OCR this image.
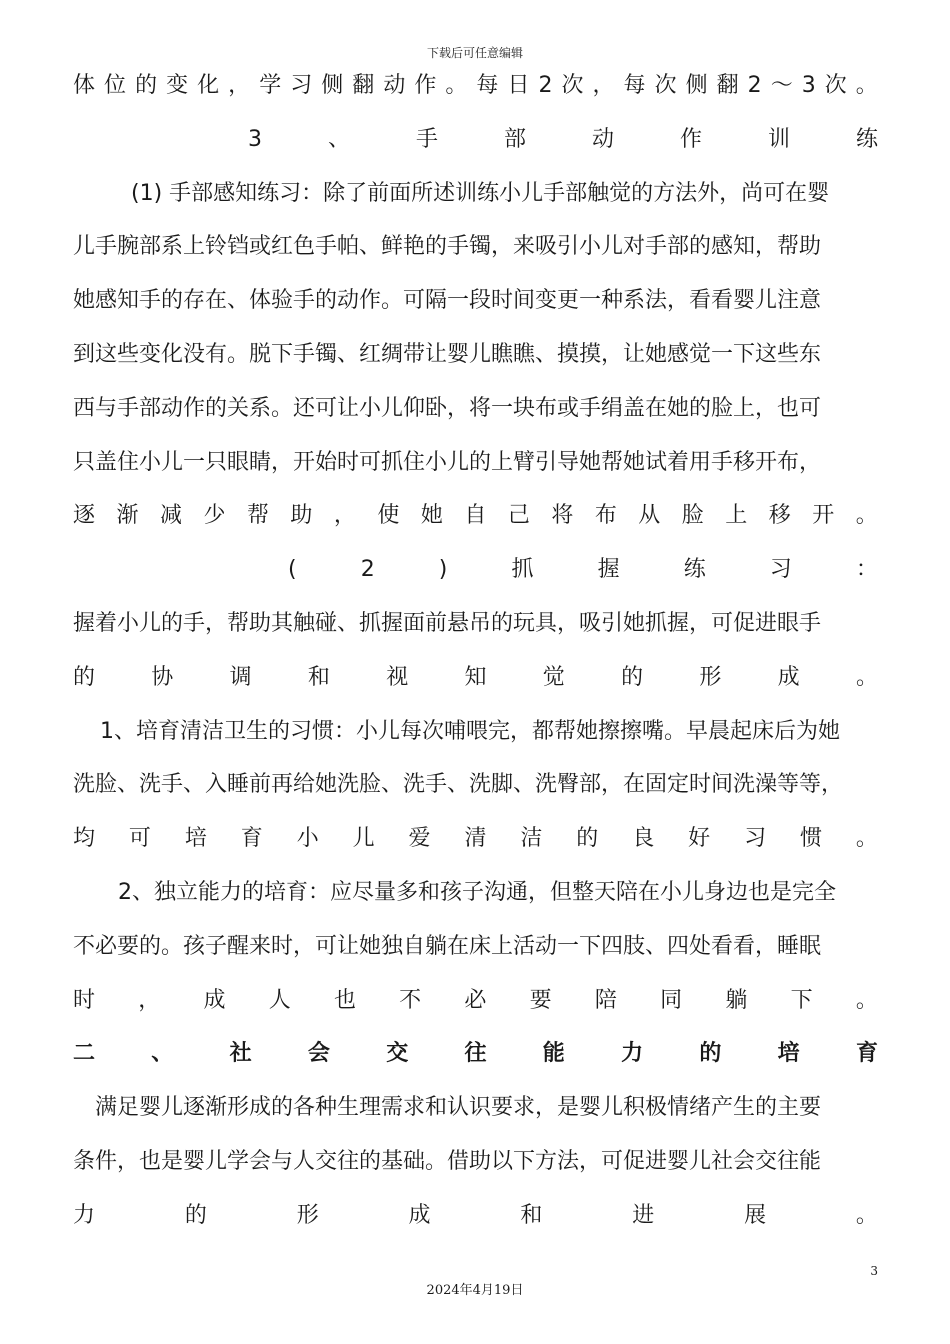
下载后可任意编辑
体 位 的 变 化 ， 学 习 侧 翻 动 作 。 每 日 2 次 ， 每 次 侧 翻 2 ～ 3 次 。
3	、	手	部	动	作	训	练
(1) 手部感知练习：除了前面所述训练小儿手部触觉的方法外，尚可在婴
儿手腕部系上铃铛或红色手帕、鲜艳的手镯，来吸引小儿对手部的感知，帮助
她感知手的存在、体验手的动作。可隔一段时间变更一种系法，看看婴儿注意
到这些变化没有。脱下手镯、红绸带让婴儿瞧瞧、摸摸，让她感觉一下这些东
西与手部动作的关系。还可让小儿仰卧，将一块布或手绢盖在她的脸上，也可
只盖住小儿一只眼睛，开始时可抓住小儿的上臂引导她帮她试着用手移开布，
逐 渐 减 少 帮 助 ， 使 她 自 己 将 布 从 脸 上 移 开 。
(	2	)	抓	握	练	习	：
握着小儿的手，帮助其触碰、抓握面前悬吊的玩具，吸引她抓握，可促进眼手
的	协	调	和	视	知	觉	的	形	成	。
1、培育清洁卫生的习惯：小儿每次哺喂完，都帮她擦擦嘴。早晨起床后为她
洗脸、洗手、入睡前再给她洗脸、洗手、洗脚、洗臀部，在固定时间洗澡等等，
均 可 培 育 小 儿 爱 清 洁 的 良 好 习 惯 。
2、独立能力的培育：应尽量多和孩子沟通，但整天陪在小儿身边也是完全
不必要的。孩子醒来时，可让她独自躺在床上活动一下四肢、四处看看，睡眠
时 ， 成 人 也 不 必 要 陪 同 躺 下 。
二	、	社	会	交	往	能	力	的	培	育
满足婴儿逐渐形成的各种生理需求和认识要求，是婴儿积极情绪产生的主要
条件，也是婴儿学会与人交往的基础。借助以下方法，可促进婴儿社会交往能
力	的	形	成	和	进	展	。
3
2024年4月19日
